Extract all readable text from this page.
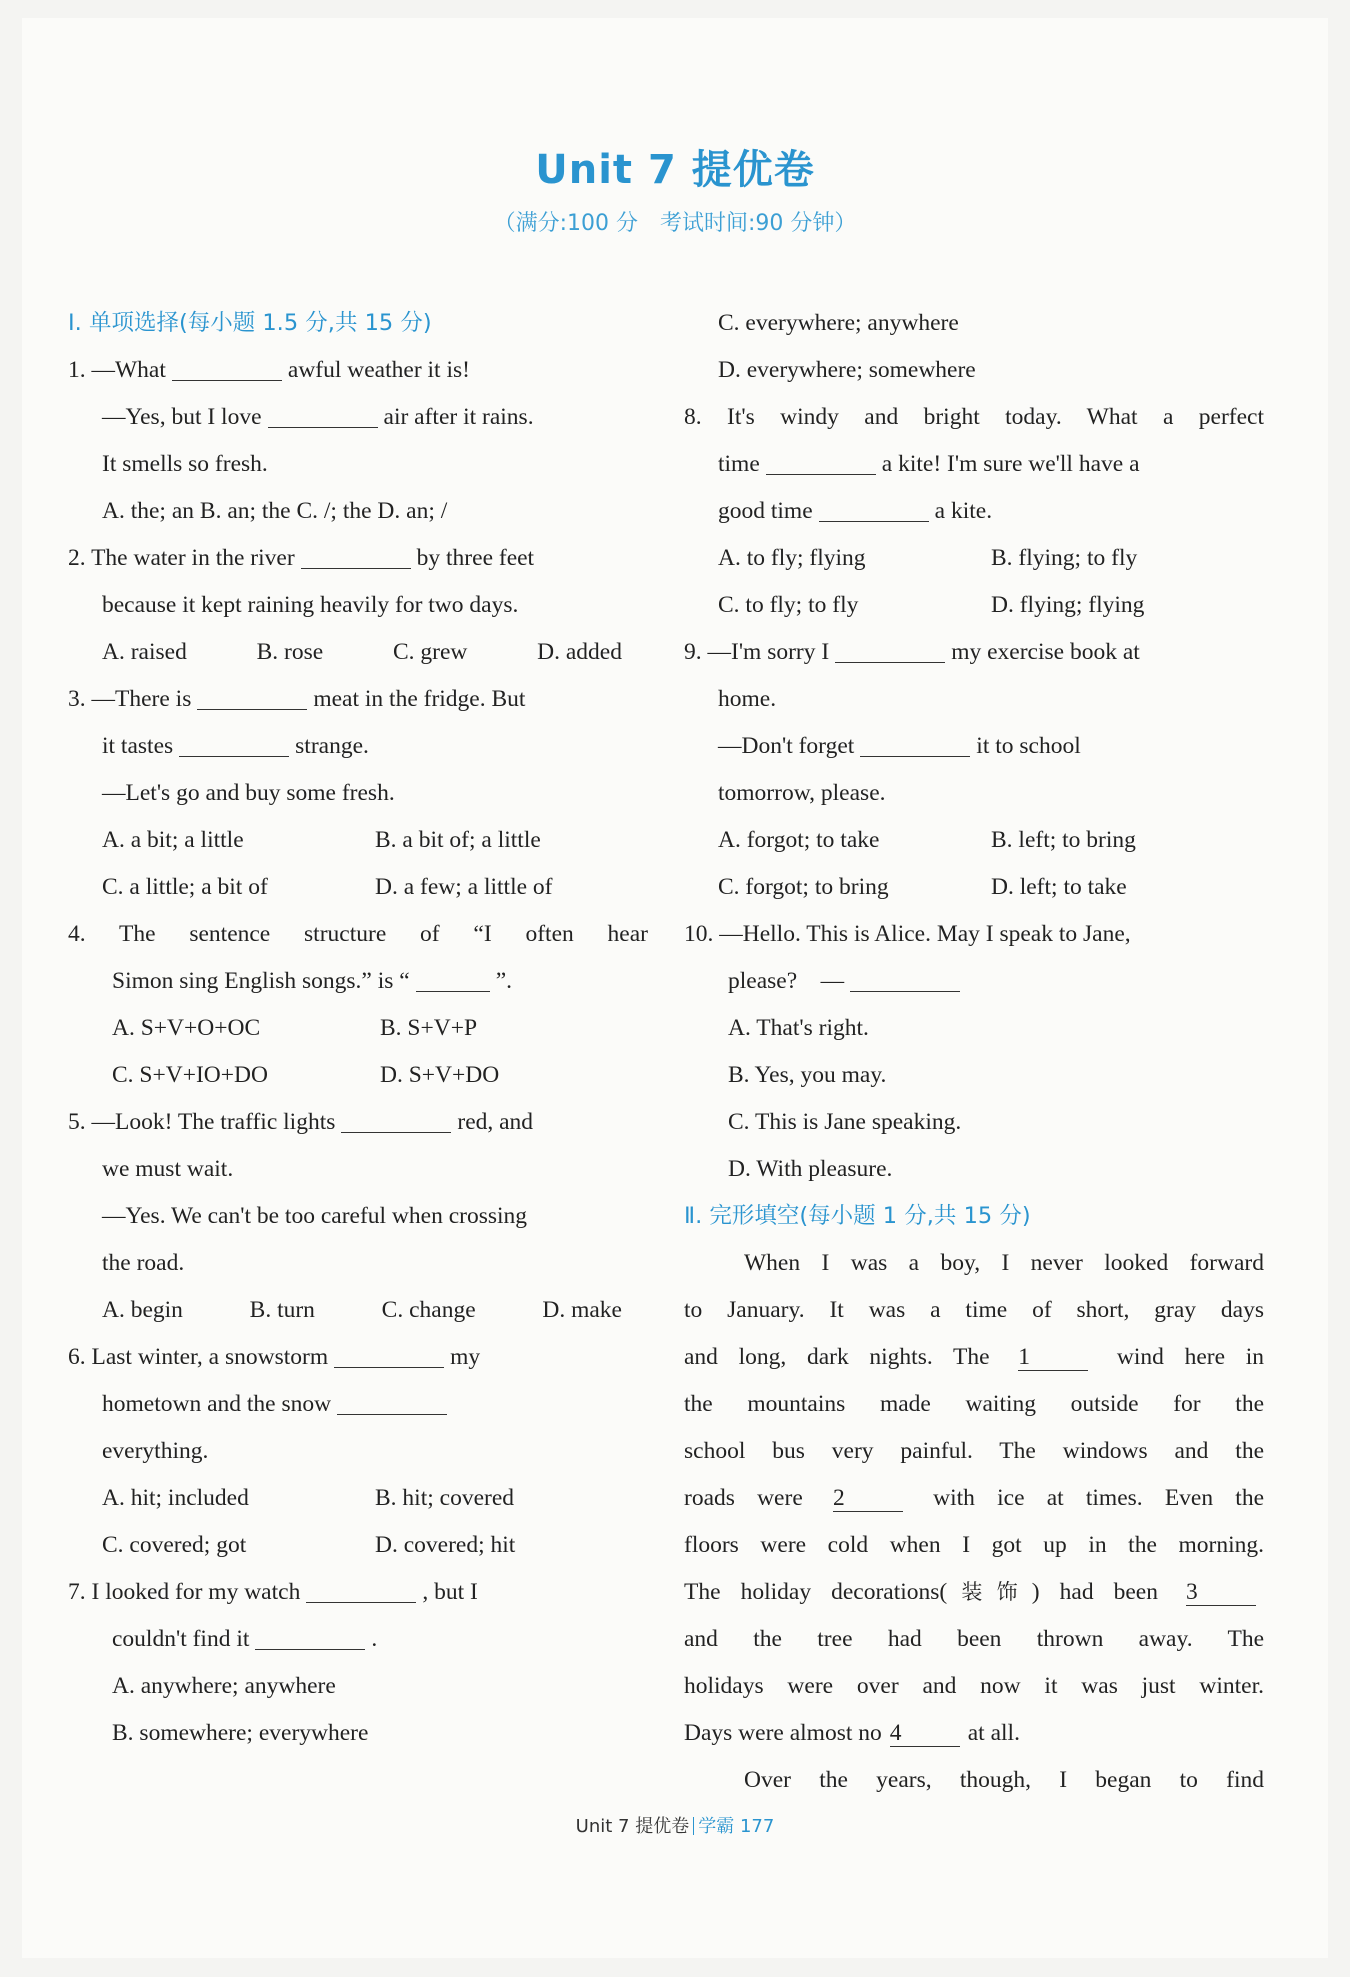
Unit 7 提优卷
（满分:100 分　考试时间:90 分钟）
Ⅰ. 单项选择(每小题 1.5 分,共 15 分)
1. —What	awful weather it is!
—Yes, but I love	air after it rains.
It smells so fresh.
A. the; an B. an; the C. /; the D. an; /
2. The water in the river	by three feet
because it kept raining heavily for two days.
A. raised	B. rose	C. grew	D. added
3. —There is	meat in the fridge. But
it tastes	strange.
—Let's go and buy some fresh.
A. a bit; a little	B. a bit of; a little
C. a little; a bit of	D. a few; a little of
4. The sentence structure of “I often hear
Simon sing English songs.” is “	”.
A. S+V+O+OC	B. S+V+P
C. S+V+IO+DO	D. S+V+DO
5. —Look! The traffic lights	red, and
we must wait.
—Yes. We can't be too careful when crossing
the road.
A. begin	B. turn	C. change	D. make
6. Last winter, a snowstorm	my
hometown and the snow
everything.
A. hit; included	B. hit; covered
C. covered; got	D. covered; hit
7. I looked for my watch	, but I
couldn't find it	.
A. anywhere; anywhere
B. somewhere; everywhere
C. everywhere; anywhere
D. everywhere; somewhere
8. It's windy and bright today. What a perfect
time	a kite! I'm sure we'll have a
good time	a kite.
A. to fly; flying	B. flying; to fly
C. to fly; to fly	D. flying; flying
9. —I'm sorry I	my exercise book at
home.
—Don't forget	it to school
tomorrow, please.
A. forgot; to take	B. left; to bring
C. forgot; to bring	D. left; to take
10. —Hello. This is Alice. May I speak to Jane,
please?　—
A. That's right.
B. Yes, you may.
C. This is Jane speaking.
D. With pleasure.
Ⅱ. 完形填空(每小题 1 分,共 15 分)
When I was a boy, I never looked forward
to January. It was a time of short, gray days
and long, dark nights. The 1	wind here in
the mountains made waiting outside for the
school bus very painful. The windows and the
roads were 2	with ice at times. Even the
floors were cold when I got up in the morning.
The holiday decorations(装饰) had been 3
and the tree had been thrown away. The
holidays were over and now it was just winter.
Days were almost no 4	at all.
Over the years, though, I began to find
Unit 7 提优卷 学霸 177
